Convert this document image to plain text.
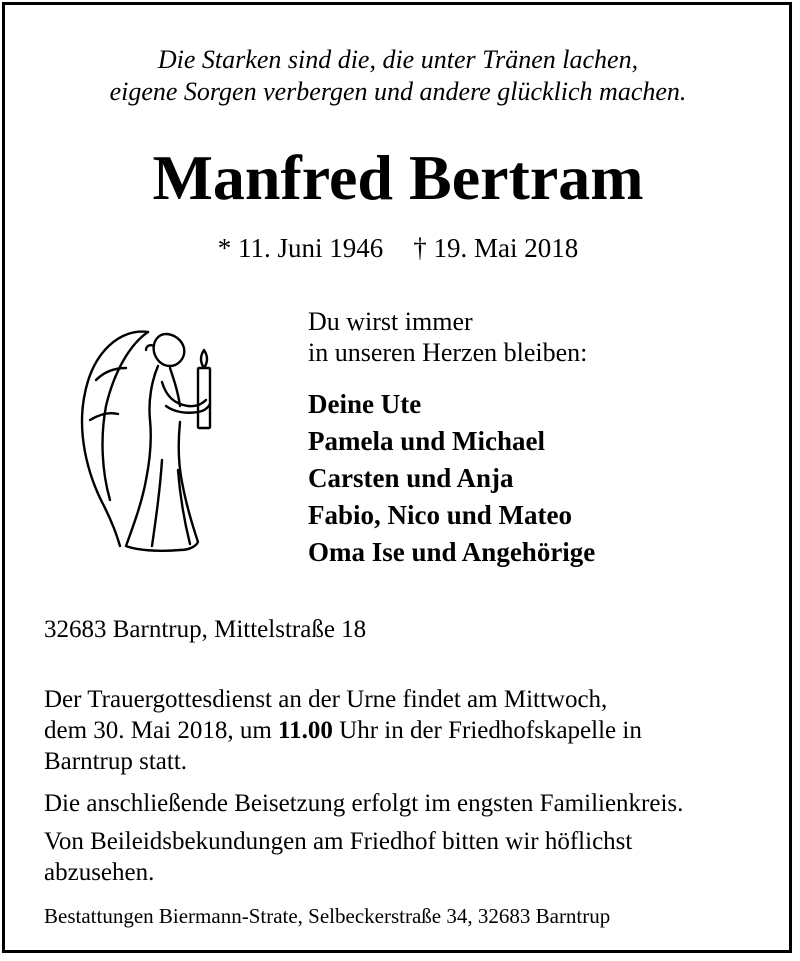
Die Starken sind die, die unter Tränen lachen,
eigene Sorgen verbergen und andere glücklich machen.
Manfred Bertram
* 11. Juni 1946 † 19. Mai 2018
Du wirst immer
in unseren Herzen bleiben:
Deine Ute
Pamela und Michael
Carsten und Anja
Fabio, Nico und Mateo
Oma Ise und Angehörige
32683 Barntrup, Mittelstraße 18
Der Trauergottesdienst an der Urne findet am Mittwoch,
dem 30. Mai 2018, um 11.00 Uhr in der Friedhofskapelle in
Barntrup statt.
Die anschließende Beisetzung erfolgt im engsten Familienkreis.
Von Beileidsbekundungen am Friedhof bitten wir höflichst
abzusehen.
Bestattungen Biermann-Strate, Selbeckerstraße 34, 32683 Barntrup
